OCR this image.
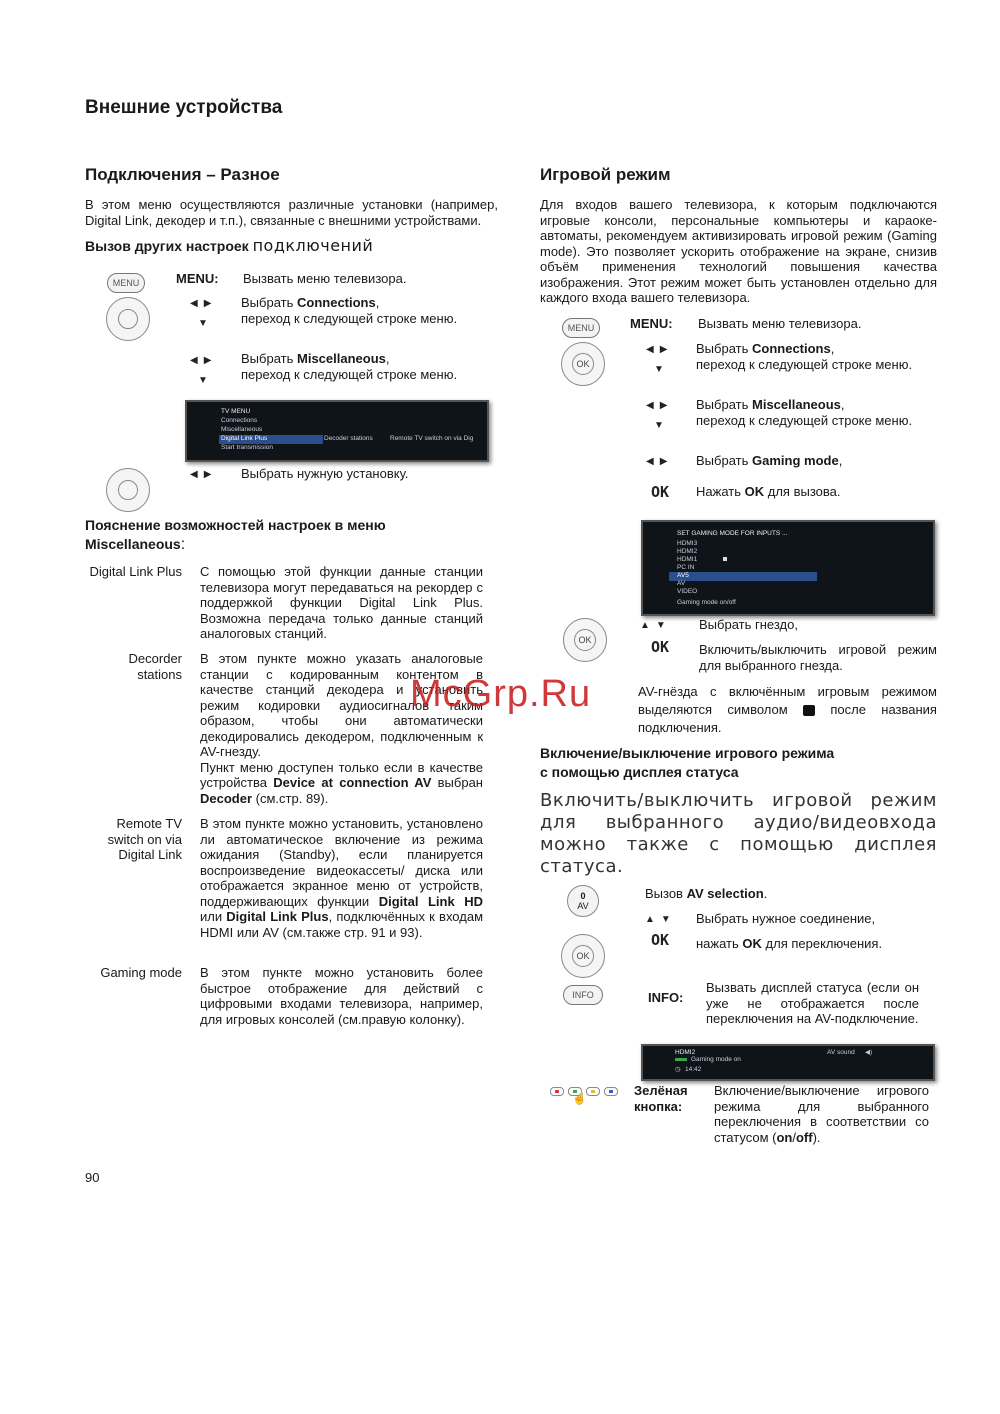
Внешние устройства
Подключения – Разное
В этом меню осуществляются различные установки (например, Digital Link, декодер и т.п.), связанные с внешними устройствами.
Вызов других настроек подключений
MENU	MENU: Вызвать меню телевизора.
◀▶
▼
Выбрать Connections,
переход к следующей строке меню.
◀▶
▼
Выбрать Miscellaneous,
переход к следующей строке меню.
TV MENU
Connections
Miscellaneous
Digital Link Plus
Start transmission
Decoder stations	Remote TV switch on via Dig
◀▶ Выбрать нужную установку.
Пояснение возможностей настроек в меню
Miscellaneous:
Digital Link Plus С помощью этой функции данные станции телевизора могут передаваться на рекордер с поддержкой функции Digital Link Plus. Возможна передача только данные станций аналоговых станций.
Decorder stations
В этом пункте можно указать аналоговые станции с кодированным контентом в качестве станций декодера и установить режим кодировки аудиосигналов таким образом, чтобы они автоматически декодировались декодером, подключенным к AV-гнезду.
Пункт меню доступен только если в качестве устройства Device at connection AV выбран Decoder (см.стр. 89).
Remote TV switch on via Digital Link
В этом пункте можно установить, установлено ли автоматическое включение из режима ожидания (Standby), если планируется воспроизведение видеокассеты/ диска или отображается экранное меню от устройств, поддерживающих функции Digital Link HD или Digital Link Plus, подключённых к входам HDMI или AV (см.также стр. 91 и 93).
Gaming mode В этом пункте можно установить более быстрое отображение для действий с цифровыми входами телевизора, например, для игровых консолей (см.правую колонку).
90
Игровой режим
Для входов вашего телевизора, к которым подключаются игровые консоли, персональные компьютеры и караоке-автоматы, рекомендуем активизировать игровой режим (Gaming mode). Это позволяет ускорить отображение на экране, снизив объём применения технологий повышения качества изображения. Этот режим может быть установлен отдельно для каждого входа вашего телевизора.
MENU
OK
MENU: Вызвать меню телевизора.
◀▶
▼
Выбрать Connections,
переход к следующей строке меню.
◀▶
▼
Выбрать Miscellaneous,
переход к следующей строке меню.
◀▶ Выбрать Gaming mode,
OK Нажать OK для вызова.
SET GAMING MODE FOR INPUTS ...
HDMI3
HDMI2
HDMI1
PC IN
AV5
AV
VIDEO
Gaming mode on/off
OK
▲▼ Выбрать гнездо,
OK Включить/выключить игровой режим для выбранного гнезда.
AV-гнёзда с включённым игровым режимом выделяются символом	после названия подключения.
Включение/выключение игрового режима
с помощью дисплея статуса
Включить/выключить игровой режим для выбранного аудио/видеовхода можно также с помощью дисплея статуса.
0
AV
Вызов AV selection.
OK
▲▼ Выбрать нужное соединение,
OK нажать OK для переключения.
INFO	INFO:
Вызвать дисплей статуса (если он уже не отображается после переключения на AV-подключение.
HDMI2
Gaming mode on
◷ 14:42
AV sound ◀)
☝	Зелёная
кнопка:
Включение/выключение игрового режима для выбранного переключения в соответствии со статусом (on/off).
McGrp.Ru
